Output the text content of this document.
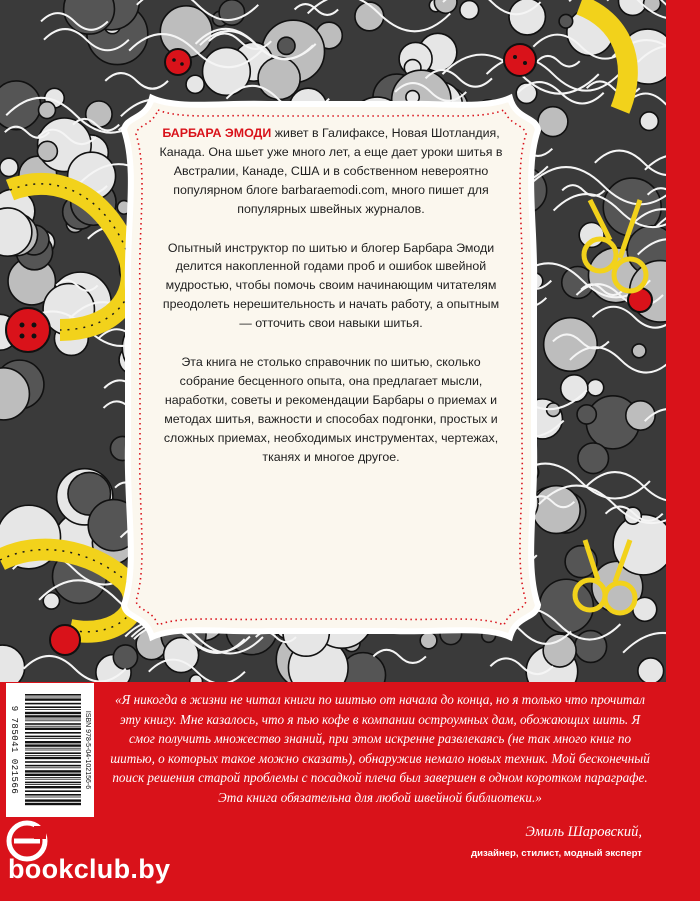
БАРБАРА ЭМОДИ живет в Галифаксе, Новая Шотландия, Канада. Она шьет уже много лет, а еще дает уроки шитья в Австралии, Канаде, США и в собственном невероятно популярном блоге barbaraemodi.com, много пишет для популярных швейных журналов.

Опытный инструктор по шитью и блогер Барбара Эмоди делится накопленной годами проб и ошибок швейной мудростью, чтобы помочь своим начинающим читателям преодолеть нерешительность и начать работу, а опытным — отточить свои навыки шитья.

Эта книга не столько справочник по шитью, сколько собрание бесценного опыта, она предлагает мысли, наработки, советы и рекомендации Барбары о приемах и методах шитья, важности и способах подгонки, простых и сложных приемах, необходимых инструментах, чертежах, тканях и многое другое.

ISBN 978-5-04-102156-6
9 785041 021566
«Я никогда в жизни не читал книги по шитью от начала до конца, но я только что прочитал эту книгу. Мне казалось, что я пью кофе в компании остроумных дам, обожающих шить. Я смог получить множество знаний, при этом искренне развлекаясь (не так много книг по шитью, о которых такое можно сказать), обнаружив немало новых техник. Мой бесконечный поиск решения старой проблемы с посадкой плеча был завершен в одном коротком параграфе. Эта книга обязательна для любой швейной библиотеки.»
Эмиль Шаровский,
дизайнер, стилист, модный эксперт
bookclub.by
